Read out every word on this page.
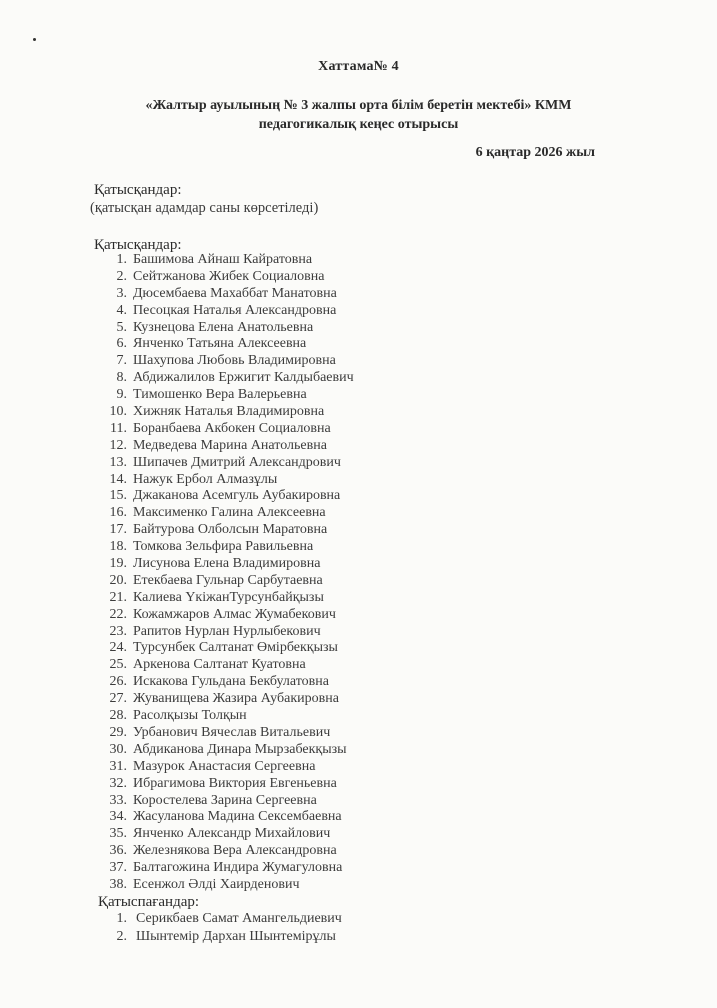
Хаттама№ 4
«Жалтыр ауылының № 3 жалпы орта білім беретін мектебі» КММ
педагогикалық кеңес отырысы
6 қаңтар 2026 жыл
Қатысқандар:
(қатысқан адамдар саны көрсетіледі)
Қатысқандар:
1. Башимова Айнаш Кайратовна
2. Сейтжанова Жибек Социаловна
3. Дюсембаева Махаббат Манатовна
4. Песоцкая Наталья Александровна
5. Кузнецова Елена Анатольевна
6. Янченко Татьяна Алексеевна
7. Шахупова Любовь Владимировна
8. Абдижалилов Ержигит Калдыбаевич
9. Тимошенко Вера Валерьевна
10. Хижняк Наталья Владимировна
11. Боранбаева Акбокен Социаловна
12. Медведева Марина Анатольевна
13. Шипачев Дмитрий Александрович
14. Нажук Ербол Алмазұлы
15. Джаканова Асемгуль Аубакировна
16. Максименко Галина Алексеевна
17. Байтурова Олболсын Маратовна
18. Томкова Зельфира Равильевна
19. Лисунова Елена Владимировна
20. Етекбаева Гульнар Сарбутаевна
21. Калиева ҮкiжанТурсунбайқызы
22. Кожамжаров Алмас Жумабекович
23. Рапитов Нурлан Нурлыбекович
24. Турсунбек Салтанат Өмiрбекқызы
25. Аркенова Салтанат Куатовна
26. Искакова Гульдана Бекбулатовна
27. Жуванищева Жазира Аубакировна
28. Расолқызы Толқын
29. Урбанович Вячеслав Витальевич
30. Абдиканова Динара Мырзабекқызы
31. Мазурок Анастасия Сергеевна
32. Ибрагимова Виктория Евгеньевна
33. Коростелева Зарина Сергеевна
34. Жасуланова Мадина Сексембаевна
35. Янченко Александр Михайлович
36. Железнякова Вера Александровна
37. Балтагожина Индира Жумагуловна
38. Есенжол Әлді Хаирденович
Қатыспағандар:
1. Серикбаев Самат Амангельдиевич
2. Шынтемір Дархан Шынтемірұлы
